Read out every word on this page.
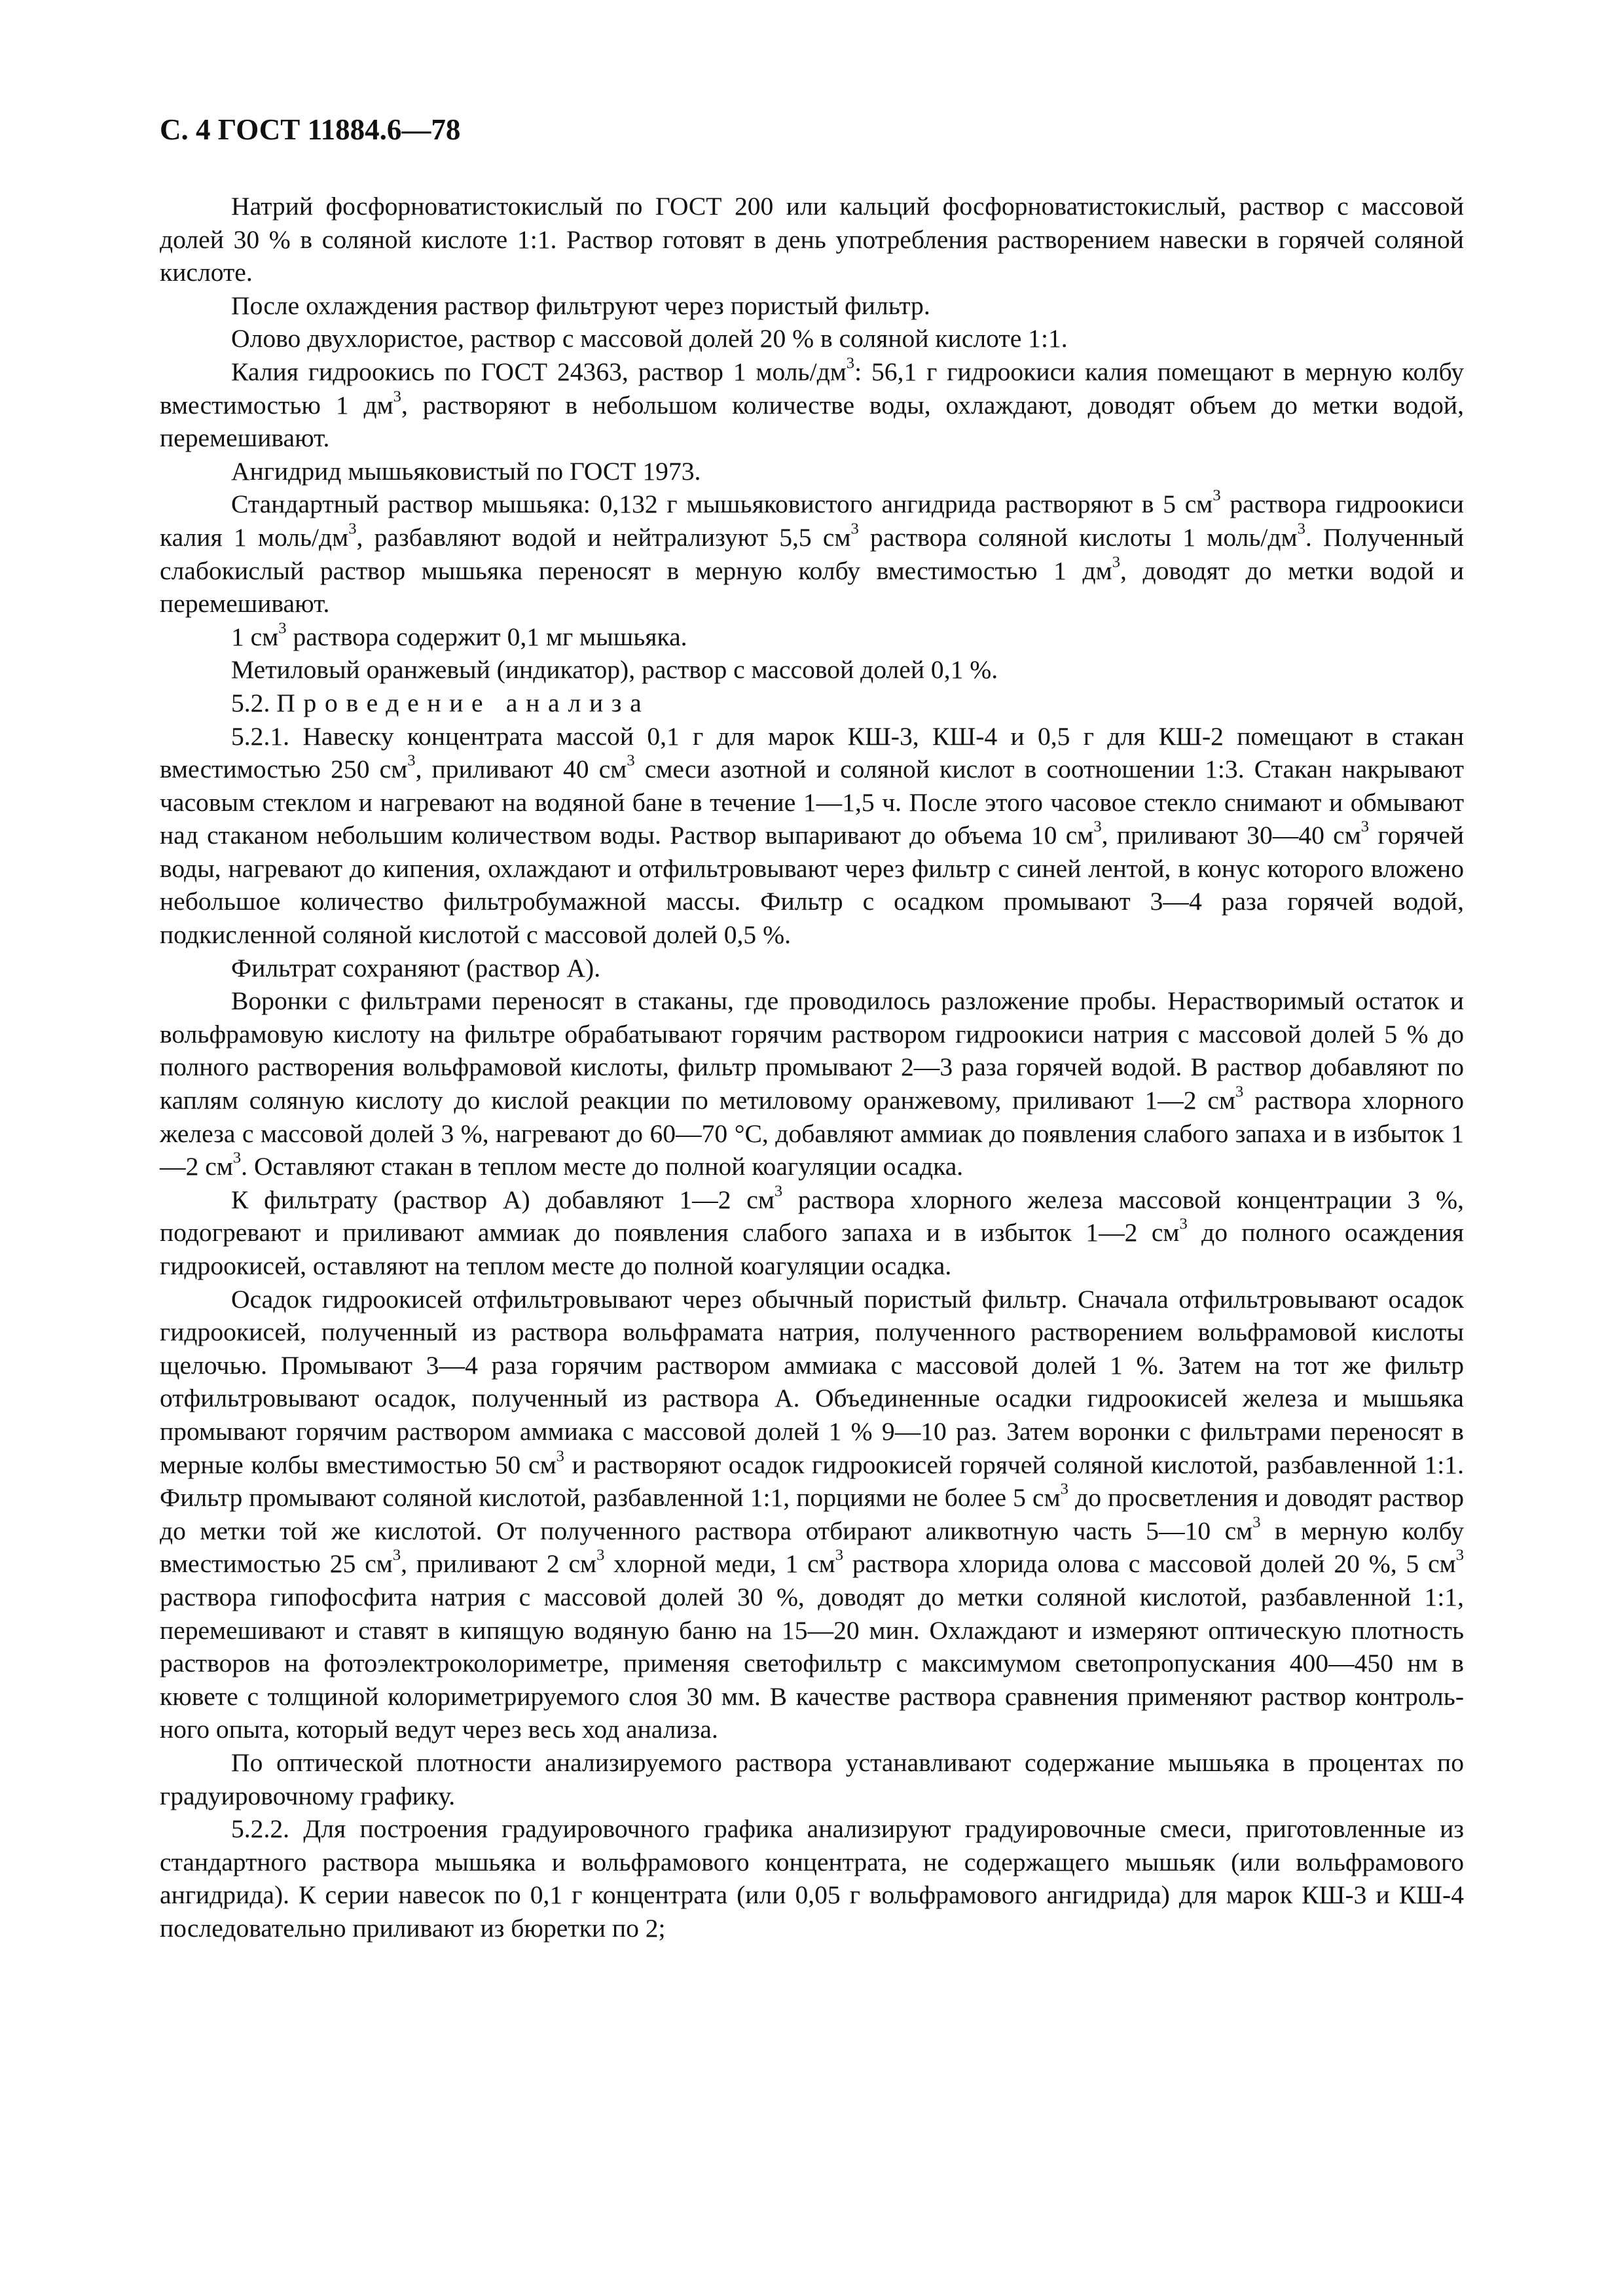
С. 4 ГОСТ 11884.6—78

Натрий фосфорноватистокислый по ГОСТ 200 или кальций фосфорноватистокислый, раствор с массовой долей 30 % в соляной кислоте 1:1. Раствор готовят в день употребления растворением навески в горячей соляной кислоте.

После охлаждения раствор фильтруют через пористый фильтр.

Олово двухлористое, раствор с массовой долей 20 % в соляной кислоте 1:1.

Калия гидроокись по ГОСТ 24363, раствор 1 моль/$дм^3$: 56,1 г гидроокиси калия помещают в мерную колбу вместимостью 1 $дм^3$, растворяют в небольшом количестве воды, охлаждают, доводят объем до метки водой, перемешивают.

Ангидрид мышьяковистый по ГОСТ 1973.

Стандартный раствор мышьяка: 0,132 г мышьяковистого ангидрида растворяют в 5 $см^3$ раствора гидроокиси калия 1 моль/$дм^3$, разбавляют водой и нейтрализуют 5,5 $см^3$ раствора соляной кислоты 1 моль/$дм^3$. Полученный слабокислый раствор мышьяка переносят в мерную колбу вместимостью 1 $дм^3$, доводят до метки водой и перемешивают.

1 $см^3$ раствора содержит 0,1 мг мышьяка.

Метиловый оранжевый (индикатор), раствор с массовой долей 0,1 %.

5.2. Проведение анализа

5.2.1. Навеску концентрата массой 0,1 г для марок КШ-3, КШ-4 и 0,5 г для КШ-2 помещают в стакан вместимостью 250 $см^3$, приливают 40 $см^3$ смеси азотной и соляной кислот в соотношении 1:3. Стакан накрывают часовым стеклом и нагревают на водяной бане в течение 1—1,5 ч. После этого часовое стекло снимают и обмывают над стаканом небольшим количеством воды. Раствор выпаривают до объема 10 $см^3$, приливают 30—40 $см^3$ горячей воды, нагревают до кипения, охлаждают и отфильтровывают через фильтр с синей лентой, в конус которого вложено небольшое количество фильтробумажной массы. Фильтр с осадком промывают 3—4 раза горячей водой, подкисленной соляной кислотой с массовой долей 0,5 %.

Фильтрат сохраняют (раствор А).

Воронки с фильтрами переносят в стаканы, где проводилось разложение пробы. Нерастворимый остаток и вольфрамовую кислоту на фильтре обрабатывают горячим раствором гидроокиси натрия с массовой долей 5 % до полного растворения вольфрамовой кислоты, фильтр промывают 2—3 раза горячей водой. В раствор добавляют по каплям соляную кислоту до кислой реакции по метиловому оранжевому, приливают 1—2 $см^3$ раствора хлорного железа с массовой долей 3 %, нагревают до 60—70 °С, добавляют аммиак до появления слабого запаха и в избыток 1—2 $см^3$. Оставляют стакан в теплом месте до полной коагуляции осадка.

К фильтрату (раствор А) добавляют 1—2 $см^3$ раствора хлорного железа массовой концентрации 3 %, подогревают и приливают аммиак до появления слабого запаха и в избыток 1—2 $см^3$ до полного осаждения гидроокисей, оставляют на теплом месте до полной коагуляции осадка.

Осадок гидроокисей отфильтровывают через обычный пористый фильтр. Сначала отфильтровывают осадок гидроокисей, полученный из раствора вольфрамата натрия, полученного растворением вольфрамовой кислоты щелочью. Промывают 3—4 раза горячим раствором аммиака с массовой долей 1 %. Затем на тот же фильтр отфильтровывают осадок, полученный из раствора А. Объединенные осадки гидроокисей железа и мышьяка промывают горячим раствором аммиака с массовой долей 1 % 9—10 раз. Затем воронки с фильтрами переносят в мерные колбы вместимостью 50 $см^3$ и растворяют осадок гидроокисей горячей соляной кислотой, разбавленной 1:1. Фильтр промывают соляной кислотой, разбавленной 1:1, порциями не более 5 $см^3$ до просветления и доводят раствор до метки той же кислотой. От полученного раствора отбирают аликвотную часть 5—10 $см^3$ в мерную колбу вместимостью 25 $см^3$, приливают 2 $см^3$ хлорной меди, 1 $см^3$ раствора хлорида олова с массовой долей 20 %, 5 $см^3$ раствора гипофосфита натрия с массовой долей 30 %, доводят до метки соляной кислотой, разбавленной 1:1, перемешивают и ставят в кипящую водяную баню на 15—20 мин. Охлаждают и измеряют оптическую плотность растворов на фотоэлектроколориметре, применяя светофильтр с максимумом светопропускания 400—450 нм в кювете с толщиной колориметрируемого слоя 30 мм. В качестве раствора сравнения применяют раствор контрольного опыта, который ведут через весь ход анализа.

По оптической плотности анализируемого раствора устанавливают содержание мышьяка в процентах по градуировочному графику.

5.2.2. Для построения градуировочного графика анализируют градуировочные смеси, приготовленные из стандартного раствора мышьяка и вольфрамового концентрата, не содержащего мышьяк (или вольфрамового ангидрида). К серии навесок по 0,1 г концентрата (или 0,05 г вольфрамового ангидрида) для марок КШ-3 и КШ-4 последовательно приливают из бюретки по 2;
